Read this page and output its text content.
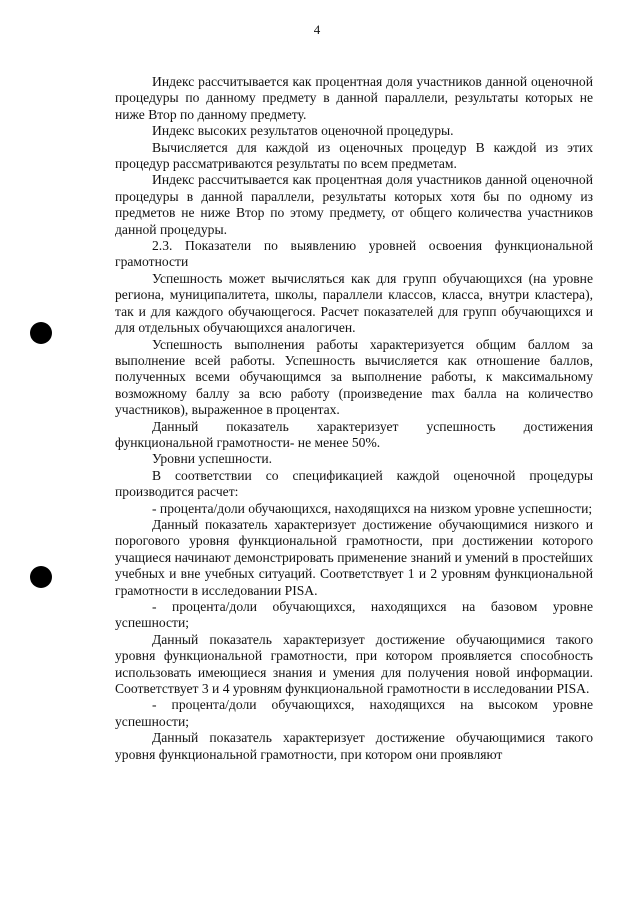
4

Индекс рассчитывается как процентная доля участников данной оценочной процедуры по данному предмету в данной параллели, результаты которых не ниже Втор по данному предмету.

Индекс высоких результатов оценочной процедуры.

Вычисляется для каждой из оценочных процедур В каждой из этих процедур рассматриваются результаты по всем предметам.

Индекс рассчитывается как процентная доля участников данной оценочной процедуры в данной параллели, результаты которых хотя бы по одному из предметов не ниже Втор по этому предмету, от общего количества участников данной процедуры.

2.3. Показатели по выявлению уровней освоения функциональной грамотности

Успешность может вычисляться как для групп обучающихся (на уровне региона, муниципалитета, школы, параллели классов, класса, внутри кластера), так и для каждого обучающегося. Расчет показателей для групп обучающихся и для отдельных обучающихся аналогичен.

Успешность выполнения работы характеризуется общим баллом за выполнение всей работы. Успешность вычисляется как отношение баллов, полученных всеми обучающимся за выполнение работы, к максимальному возможному баллу за всю работу (произведение max балла на количество участников), выраженное в процентах.

Данный показатель характеризует успешность достижения функциональной грамотности- не менее 50%.

Уровни успешности.

В соответствии со спецификацией каждой оценочной процедуры производится расчет:

- процента/доли обучающихся, находящихся на низком уровне успешности;

Данный показатель характеризует достижение обучающимися низкого и порогового уровня функциональной грамотности, при достижении которого учащиеся начинают демонстрировать применение знаний и умений в простейших учебных и вне учебных ситуаций. Соответствует 1 и 2 уровням функциональной грамотности в исследовании PISA.

- процента/доли обучающихся, находящихся на базовом уровне успешности;

Данный показатель характеризует достижение обучающимися такого уровня функциональной грамотности, при котором проявляется способность использовать имеющиеся знания и умения для получения новой информации. Соответствует 3 и 4 уровням функциональной грамотности в исследовании PISA.

- процента/доли обучающихся, находящихся на высоком уровне успешности;

Данный показатель характеризует достижение обучающимися такого уровня функциональной грамотности, при котором они проявляют
